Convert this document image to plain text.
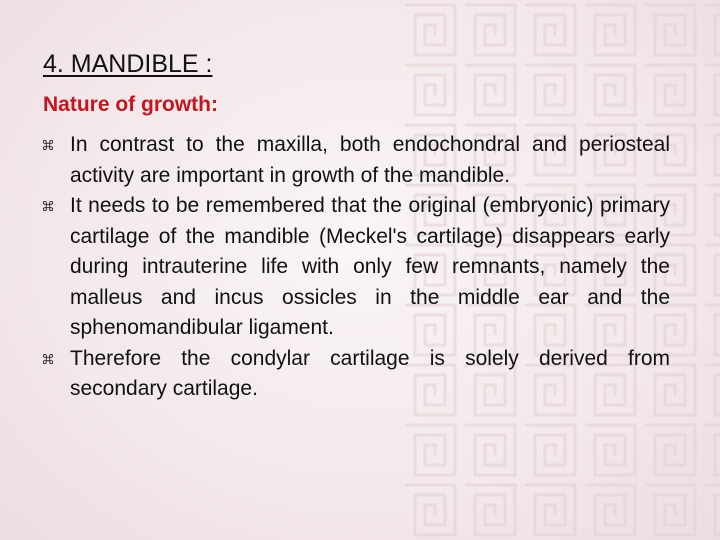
4. MANDIBLE :
Nature of growth:
In contrast to the maxilla, both endochondral and periosteal activity are important in growth of the mandible.
It needs to be remembered that the original (embryonic) primary cartilage of the mandible (Meckel's cartilage) disappears early during intrauterine life with only few remnants, namely the malleus and incus ossicles in the middle ear and the sphenomandibular ligament.
Therefore the condylar cartilage is solely derived from secondary cartilage.
